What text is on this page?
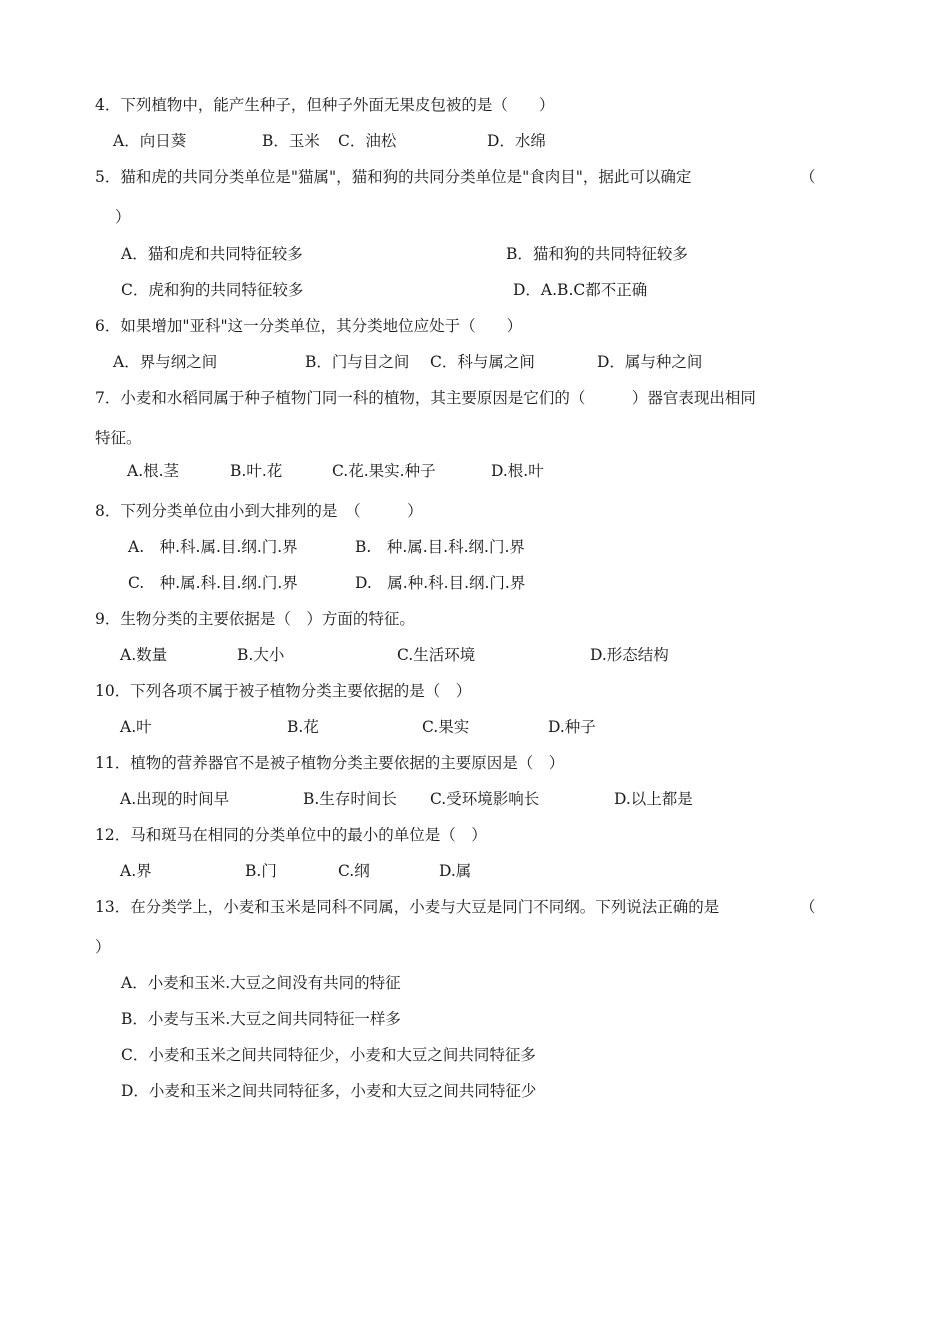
4．下列植物中，能产生种子，但种子外面无果皮包被的是（　　）
A．向日葵	B．玉米 C．油松	D．水绵
5．猫和虎的共同分类单位是"猫属"，猫和狗的共同分类单位是"食肉目"，据此可以确定	（
）
A．猫和虎和共同特征较多	B．猫和狗的共同特征较多
C．虎和狗的共同特征较多	D．A.B.C都不正确
6．如果增加"亚科"这一分类单位，其分类地位应处于（　　）
A．界与纲之间	B．门与目之间 C．科与属之间	D．属与种之间
7．小麦和水稻同属于种子植物门同一科的植物，其主要原因是它们的（　　　）器官表现出相同
特征。
A.根.茎	B.叶.花	C.花.果实.种子	D.根.叶
8．下列分类单位由小到大排列的是　（　　　）
A.　种.科.属.目.纲.门.界	B.　种.属.目.科.纲.门.界
C.　种.属.科.目.纲.门.界	D.　属.种.科.目.纲.门.界
9．生物分类的主要依据是（　）方面的特征。
A.数量	B.大小	C.生活环境	D.形态结构
10．下列各项不属于被子植物分类主要依据的是（　）
A.叶	B.花	C.果实	D.种子
11．植物的营养器官不是被子植物分类主要依据的主要原因是（　）
A.出现的时间早	B.生存时间长 C.受环境影响长	D.以上都是
12．马和斑马在相同的分类单位中的最小的单位是（　）
A.界	B.门	C.纲	D.属
13．在分类学上，小麦和玉米是同科不同属，小麦与大豆是同门不同纲。下列说法正确的是	（
）
A．小麦和玉米.大豆之间没有共同的特征
B．小麦与玉米.大豆之间共同特征一样多
C．小麦和玉米之间共同特征少，小麦和大豆之间共同特征多
D．小麦和玉米之间共同特征多，小麦和大豆之间共同特征少
